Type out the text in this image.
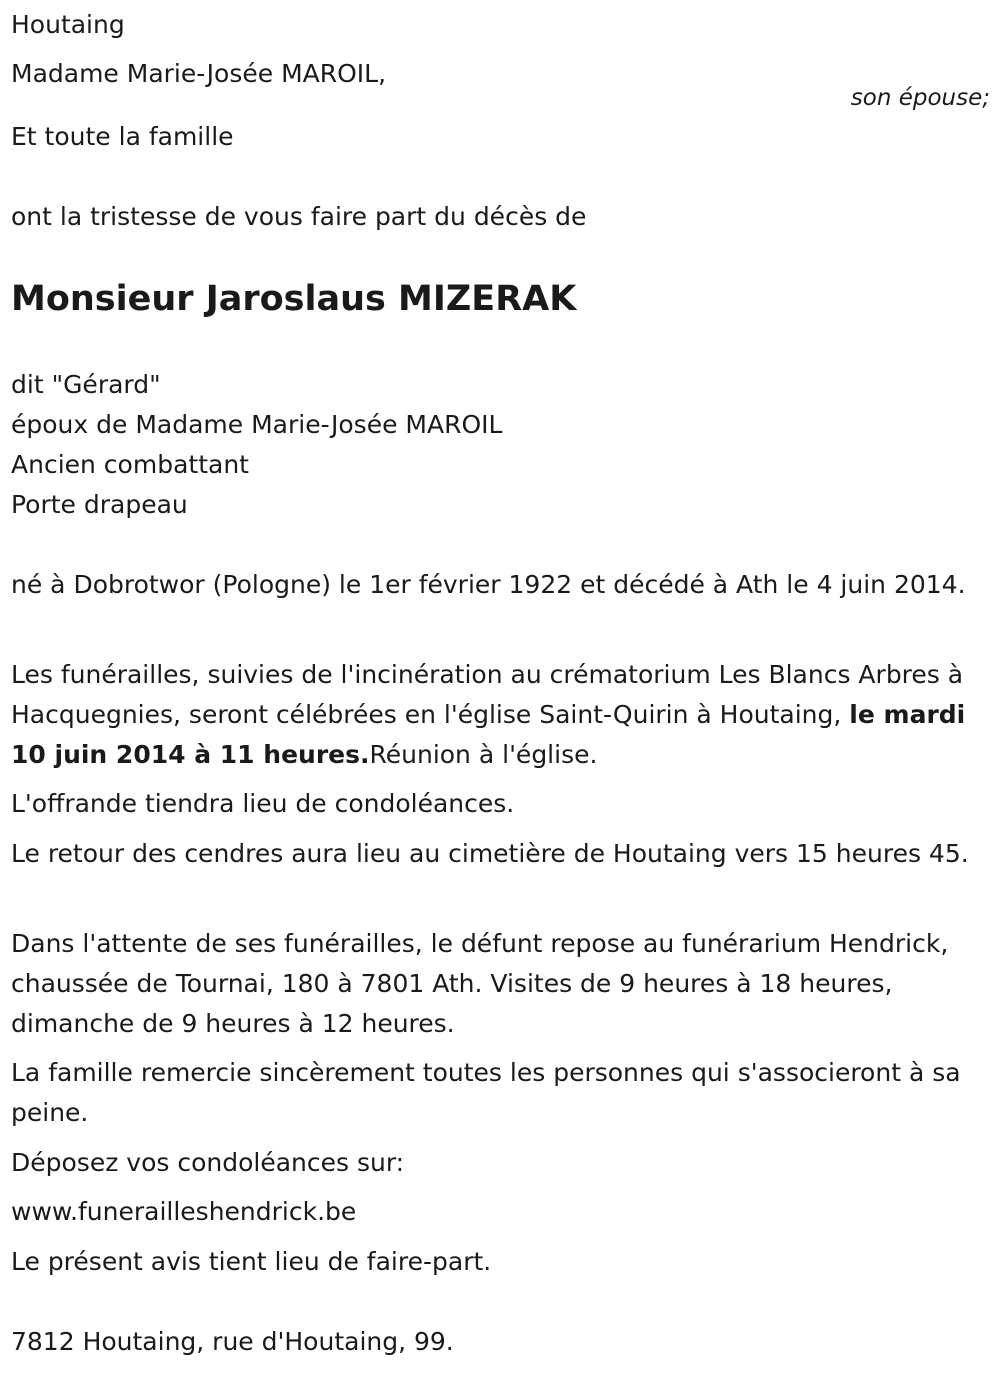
Houtaing
Madame Marie-Josée MAROIL,
son épouse;
Et toute la famille
ont la tristesse de vous faire part du décès de
Monsieur Jaroslaus MIZERAK
dit "Gérard"
époux de Madame Marie-Josée MAROIL
Ancien combattant
Porte drapeau

né à Dobrotwor (Pologne) le 1er février 1922 et décédé à Ath le 4 juin 2014.

Les funérailles, suivies de l'incinération au crématorium Les Blancs Arbres à Hacquegnies, seront célébrées en l'église Saint-Quirin à Houtaing, le mardi 10 juin 2014 à 11 heures.Réunion à l'église.

L'offrande tiendra lieu de condoléances.

Le retour des cendres aura lieu au cimetière de Houtaing vers 15 heures 45.

Dans l'attente de ses funérailles, le défunt repose au funérarium Hendrick, chaussée de Tournai, 180 à 7801 Ath. Visites de 9 heures à 18 heures, dimanche de 9 heures à 12 heures.

La famille remercie sincèrement toutes les personnes qui s'associeront à sa peine.

Déposez vos condoléances sur:
www.funerailleshendrick.be
Le présent avis tient lieu de faire-part.
7812 Houtaing, rue d'Houtaing, 99.
